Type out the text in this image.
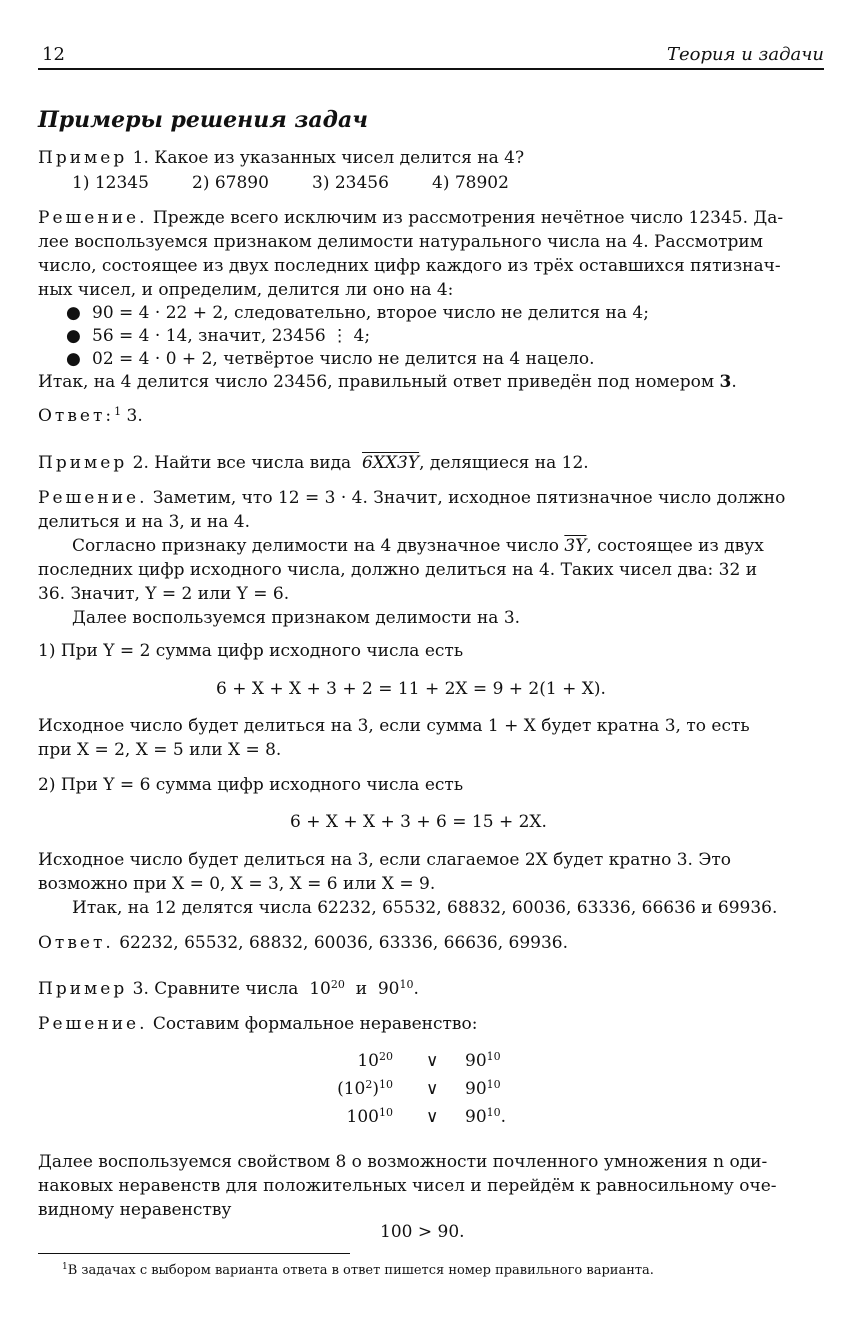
12	Теория и задачи
Примеры решения задач
Пример 1. Какое из указанных чисел делится на 4?
1) 12345	2) 67890	3) 23456	4) 78902
Решение. Прежде всего исключим из рассмотрения нечётное число 12345. Да-
лее воспользуемся признаком делимости натурального числа на 4. Рассмотрим
число, состоящее из двух последних цифр каждого из трёх оставшихся пятизнач-
ных чисел, и определим, делится ли оно на 4:
● 90 = 4 · 22 + 2, следовательно, второе число не делится на 4;
● 56 = 4 · 14, значит, 23456 ⋮ 4;
● 02 = 4 · 0 + 2, четвёртое число не делится на 4 нацело.
Итак, на 4 делится число 23456, правильный ответ приведён под номером 3.
Ответ:$^1$ 3.
Пример 2. Найти все числа вида 6XX3Y, делящиеся на 12.
Решение. Заметим, что 12 = 3 · 4. Значит, исходное пятизначное число должно
делиться и на 3, и на 4.
Согласно признаку делимости на 4 двузначное число 3Y, состоящее из двух
последних цифр исходного числа, должно делиться на 4. Таких чисел два: 32 и
36. Значит, Y = 2 или Y = 6.
Далее воспользуемся признаком делимости на 3.
1) При Y = 2 сумма цифр исходного числа есть
6 + X + X + 3 + 2 = 11 + 2X = 9 + 2(1 + X).
Исходное число будет делиться на 3, если сумма 1 + X будет кратна 3, то есть
при X = 2, X = 5 или X = 8.
2) При Y = 6 сумма цифр исходного числа есть
6 + X + X + 3 + 6 = 15 + 2X.
Исходное число будет делиться на 3, если слагаемое 2X будет кратно 3. Это
возможно при X = 0, X = 3, X = 6 или X = 9.
Итак, на 12 делятся числа 62232, 65532, 68832, 60036, 63336, 66636 и 69936.
Ответ. 62232, 65532, 68832, 60036, 63336, 66636, 69936.
Пример 3. Сравните числа $10^{20}$ и $90^{10}$.
Решение. Составим формальное неравенство:
$10^{20}$ ∨ $90^{10}$
$(10^2)^{10}$ ∨ $90^{10}$
$100^{10}$ ∨ $90^{10}$.
Далее воспользуемся свойством 8 о возможности почленного умножения n оди-
наковых неравенств для положительных чисел и перейдём к равносильному оче-
видному неравенству
100 > 90.
$^1$В задачах с выбором варианта ответа в ответ пишется номер правильного варианта.
